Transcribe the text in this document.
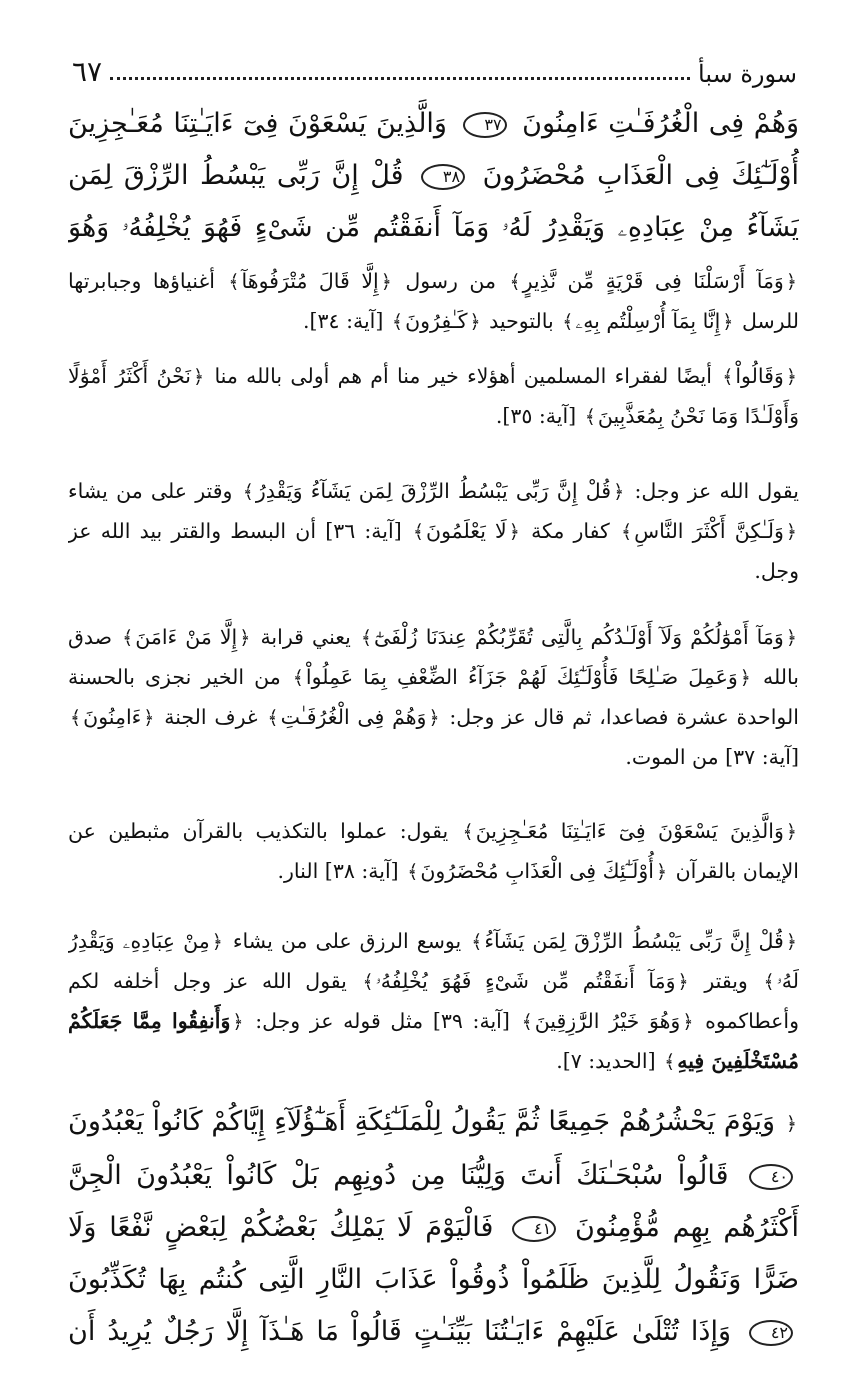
سورة سبأ
٦٧
وَهُمْ فِى الْغُرُفَـٰتِ ءَامِنُونَ ٣٧ وَالَّذِينَ يَسْعَوْنَ فِىٓ ءَايَـٰتِنَا مُعَـٰجِزِينَ أُوْلَـٰٓئِكَ فِى الْعَذَابِ مُحْضَرُونَ ٣٨ قُلْ إِنَّ رَبِّى يَبْسُطُ الرِّزْقَ لِمَن يَشَآءُ مِنْ عِبَادِهِۦ وَيَقْدِرُ لَهُۥ وَمَآ أَنفَقْتُم مِّن شَىْءٍ فَهُوَ يُخْلِفُهُۥ وَهُوَ
﴿وَمَآ أَرْسَلْنَا فِى قَرْيَةٍ مِّن نَّذِيرٍ﴾ من رسول ﴿إِلَّا قَالَ مُتْرَفُوهَآ﴾ أغنياؤها وجبابرتها للرسل ﴿إِنَّا بِمَآ أُرْسِلْتُم بِهِۦ﴾ بالتوحيد ﴿كَـٰفِرُونَ﴾ [آية: ٣٤].
﴿وَقَالُواْ﴾ أيضًا لفقراء المسلمين أهؤلاء خير منا أم هم أولى بالله منا ﴿نَحْنُ أَكْثَرُ أَمْوَٰلًا وَأَوْلَـٰدًا وَمَا نَحْنُ بِمُعَذَّبِينَ﴾ [آية: ٣٥].
يقول الله عز وجل: ﴿قُلْ إِنَّ رَبِّى يَبْسُطُ الرِّزْقَ لِمَن يَشَآءُ وَيَقْدِرُ﴾ وقتر على من يشاء ﴿وَلَـٰكِنَّ أَكْثَرَ النَّاسِ﴾ كفار مكة ﴿لَا يَعْلَمُونَ﴾ [آية: ٣٦] أن البسط والقتر بيد الله عز وجل.
﴿وَمَآ أَمْوَٰلُكُمْ وَلَآ أَوْلَـٰدُكُم بِالَّتِى تُقَرِّبُكُمْ عِندَنَا زُلْفَىٰٓ﴾ يعني قرابة ﴿إِلَّا مَنْ ءَامَنَ﴾ صدق بالله ﴿وَعَمِلَ صَـٰلِحًا فَأُوْلَـٰٓئِكَ لَهُمْ جَزَآءُ الضِّعْفِ بِمَا عَمِلُواْ﴾ من الخير نجزى بالحسنة الواحدة عشرة فصاعدا، ثم قال عز وجل: ﴿وَهُمْ فِى الْغُرُفَـٰتِ﴾ غرف الجنة ﴿ءَامِنُونَ﴾ [آية: ٣٧] من الموت.
﴿وَالَّذِينَ يَسْعَوْنَ فِىٓ ءَايَـٰتِنَا مُعَـٰجِزِينَ﴾ يقول: عملوا بالتكذيب بالقرآن مثبطين عن الإيمان بالقرآن ﴿أُوْلَـٰٓئِكَ فِى الْعَذَابِ مُحْضَرُونَ﴾ [آية: ٣٨] النار.
﴿قُلْ إِنَّ رَبِّى يَبْسُطُ الرِّزْقَ لِمَن يَشَآءُ﴾ يوسع الرزق على من يشاء ﴿مِنْ عِبَادِهِۦ وَيَقْدِرُ لَهُۥ﴾ ويقتر ﴿وَمَآ أَنفَقْتُم مِّن شَىْءٍ فَهُوَ يُخْلِفُهُۥ﴾ يقول الله عز وجل أخلفه لكم وأعطاكموه ﴿وَهُوَ خَيْرُ الرَّٰزِقِينَ﴾ [آية: ٣٩] مثل قوله عز وجل: ﴿وَأَنفِقُوا مِمَّا جَعَلَكُمْ مُسْتَخْلَفِينَ فِيهِ﴾ [الحديد: ٧].
﴿ وَيَوْمَ يَحْشُرُهُمْ جَمِيعًا ثُمَّ يَقُولُ لِلْمَلَـٰٓئِكَةِ أَهَـٰٓؤُلَآءِ إِيَّاكُمْ كَانُواْ يَعْبُدُونَ ٤٠ قَالُواْ سُبْحَـٰنَكَ أَنتَ وَلِيُّنَا مِن دُونِهِم بَلْ كَانُواْ يَعْبُدُونَ الْجِنَّ أَكْثَرُهُم بِهِم مُّؤْمِنُونَ ٤١ فَالْيَوْمَ لَا يَمْلِكُ بَعْضُكُمْ لِبَعْضٍ نَّفْعًا وَلَا ضَرًّا وَنَقُولُ لِلَّذِينَ ظَلَمُواْ ذُوقُواْ عَذَابَ النَّارِ الَّتِى كُنتُم بِهَا تُكَذِّبُونَ ٤٢ وَإِذَا تُتْلَىٰ عَلَيْهِمْ ءَايَـٰتُنَا بَيِّنَـٰتٍ قَالُواْ مَا هَـٰذَآ إِلَّا رَجُلٌ يُرِيدُ أَن
